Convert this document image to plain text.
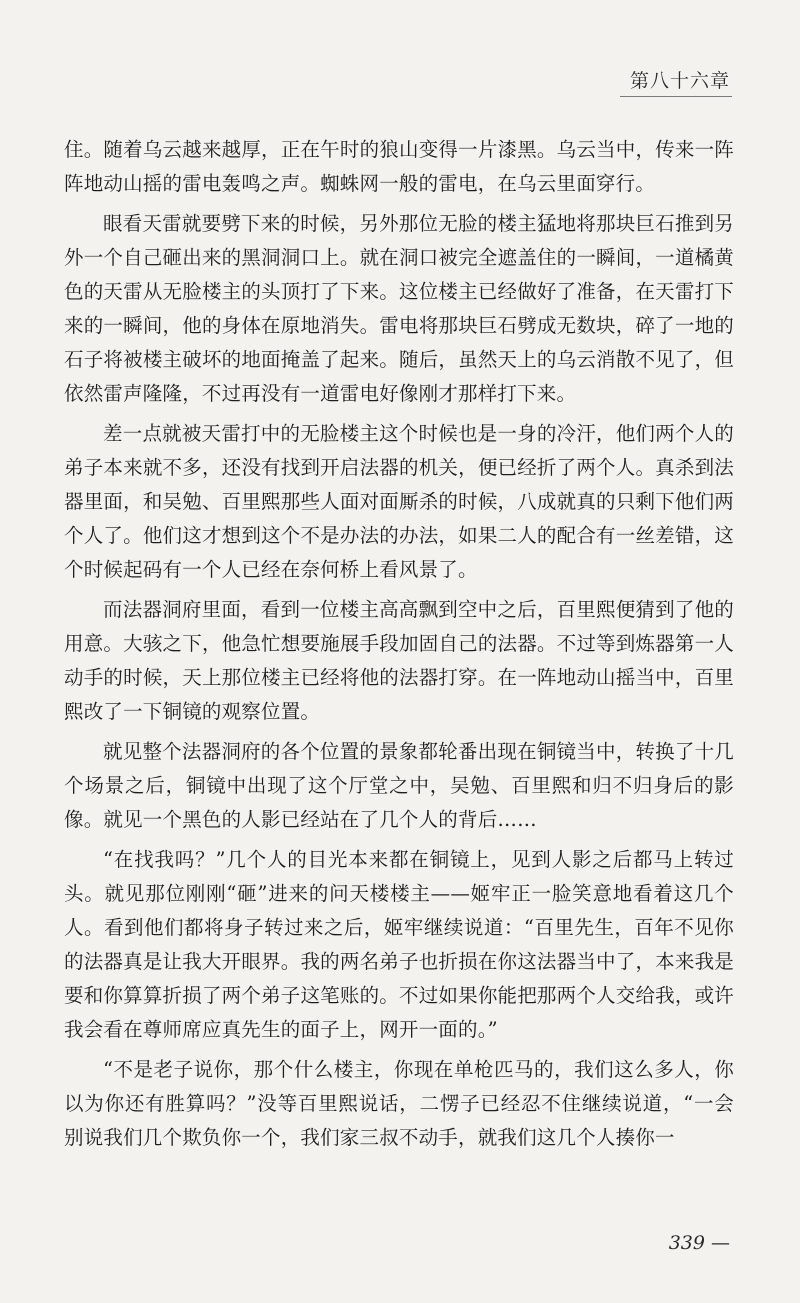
第八十六章

住。随着乌云越来越厚，正在午时的狼山变得一片漆黑。乌云当中，传来一阵阵地动山摇的雷电轰鸣之声。蜘蛛网一般的雷电，在乌云里面穿行。

眼看天雷就要劈下来的时候，另外那位无脸的楼主猛地将那块巨石推到另外一个自己砸出来的黑洞洞口上。就在洞口被完全遮盖住的一瞬间，一道橘黄色的天雷从无脸楼主的头顶打了下来。这位楼主已经做好了准备，在天雷打下来的一瞬间，他的身体在原地消失。雷电将那块巨石劈成无数块，碎了一地的石子将被楼主破坏的地面掩盖了起来。随后，虽然天上的乌云消散不见了，但依然雷声隆隆，不过再没有一道雷电好像刚才那样打下来。

差一点就被天雷打中的无脸楼主这个时候也是一身的冷汗，他们两个人的弟子本来就不多，还没有找到开启法器的机关，便已经折了两个人。真杀到法器里面，和吴勉、百里熙那些人面对面厮杀的时候，八成就真的只剩下他们两个人了。他们这才想到这个不是办法的办法，如果二人的配合有一丝差错，这个时候起码有一个人已经在奈何桥上看风景了。

而法器洞府里面，看到一位楼主高高飘到空中之后，百里熙便猜到了他的用意。大骇之下，他急忙想要施展手段加固自己的法器。不过等到炼器第一人动手的时候，天上那位楼主已经将他的法器打穿。在一阵地动山摇当中，百里熙改了一下铜镜的观察位置。

就见整个法器洞府的各个位置的景象都轮番出现在铜镜当中，转换了十几个场景之后，铜镜中出现了这个厅堂之中，吴勉、百里熙和归不归身后的影像。就见一个黑色的人影已经站在了几个人的背后……

“在找我吗？”几个人的目光本来都在铜镜上，见到人影之后都马上转过头。就见那位刚刚“砸”进来的问天楼楼主——姬牢正一脸笑意地看着这几个人。看到他们都将身子转过来之后，姬牢继续说道：“百里先生，百年不见你的法器真是让我大开眼界。我的两名弟子也折损在你这法器当中了，本来我是要和你算算折损了两个弟子这笔账的。不过如果你能把那两个人交给我，或许我会看在尊师席应真先生的面子上，网开一面的。”

“不是老子说你，那个什么楼主，你现在单枪匹马的，我们这么多人，你以为你还有胜算吗？”没等百里熙说话，二愣子已经忍不住继续说道，“一会别说我们几个欺负你一个，我们家三叔不动手，就我们这几个人揍你一

339 —
